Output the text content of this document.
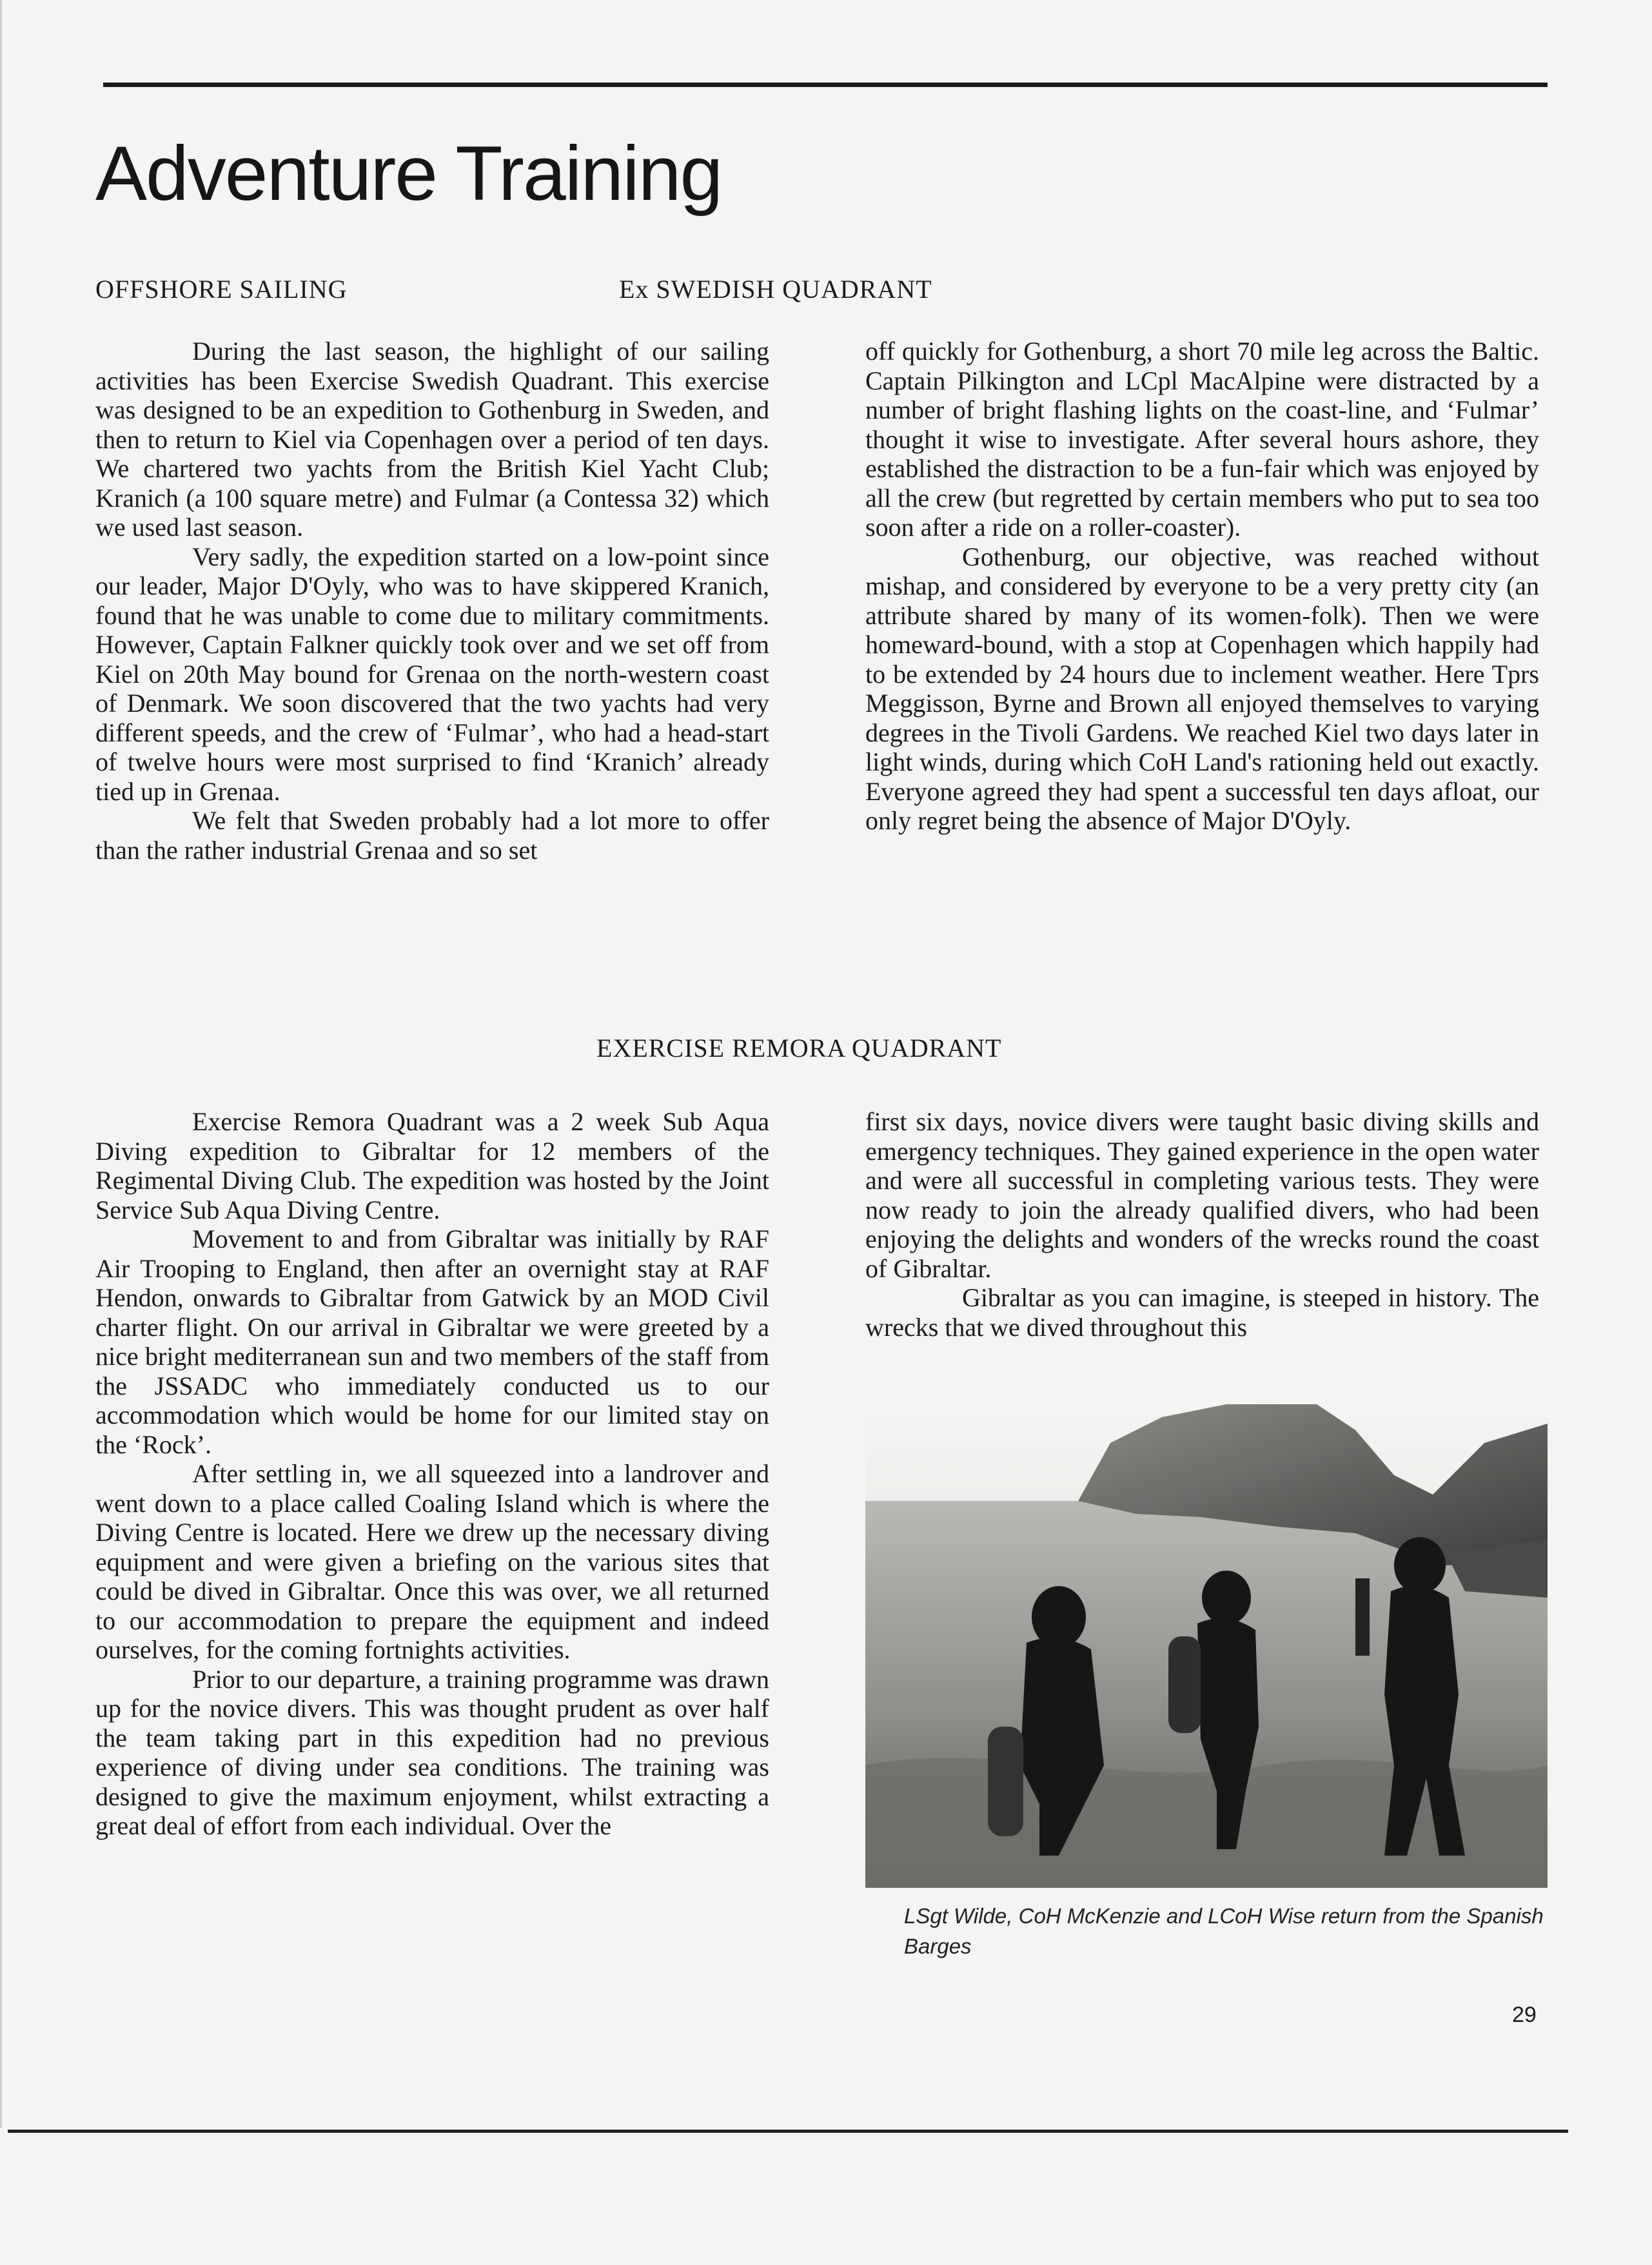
Adventure Training
OFFSHORE SAILING	Ex SWEDISH QUADRANT

During the last season, the highlight of our sailing activities has been Exercise Swedish Quadrant. This exercise was designed to be an expedition to Gothenburg in Sweden, and then to return to Kiel via Copenhagen over a period of ten days. We chartered two yachts from the British Kiel Yacht Club; Kranich (a 100 square metre) and Fulmar (a Contessa 32) which we used last season.

Very sadly, the expedition started on a low-point since our leader, Major D'Oyly, who was to have skippered Kranich, found that he was unable to come due to military commitments. However, Captain Falkner quickly took over and we set off from Kiel on 20th May bound for Grenaa on the north-western coast of Denmark. We soon discovered that the two yachts had very different speeds, and the crew of ‘Fulmar’, who had a head-start of twelve hours were most surprised to find ‘Kranich’ already tied up in Grenaa.

We felt that Sweden probably had a lot more to offer than the rather industrial Grenaa and so set

off quickly for Gothenburg, a short 70 mile leg across the Baltic. Captain Pilkington and LCpl MacAlpine were distracted by a number of bright flashing lights on the coast-line, and ‘Fulmar’ thought it wise to investigate. After several hours ashore, they established the distraction to be a fun-fair which was enjoyed by all the crew (but regretted by certain members who put to sea too soon after a ride on a roller-coaster).

Gothenburg, our objective, was reached without mishap, and considered by everyone to be a very pretty city (an attribute shared by many of its women-folk). Then we were homeward-bound, with a stop at Copenhagen which happily had to be extended by 24 hours due to inclement weather. Here Tprs Meggisson, Byrne and Brown all enjoyed themselves to varying degrees in the Tivoli Gardens. We reached Kiel two days later in light winds, during which CoH Land's rationing held out exactly. Everyone agreed they had spent a successful ten days afloat, our only regret being the absence of Major D'Oyly.

EXERCISE REMORA QUADRANT

Exercise Remora Quadrant was a 2 week Sub Aqua Diving expedition to Gibraltar for 12 members of the Regimental Diving Club. The expedition was hosted by the Joint Service Sub Aqua Diving Centre.

Movement to and from Gibraltar was initially by RAF Air Trooping to England, then after an overnight stay at RAF Hendon, onwards to Gibraltar from Gatwick by an MOD Civil charter flight. On our arrival in Gibraltar we were greeted by a nice bright mediterranean sun and two members of the staff from the JSSADC who immediately conducted us to our accommodation which would be home for our limited stay on the ‘Rock’.

After settling in, we all squeezed into a landrover and went down to a place called Coaling Island which is where the Diving Centre is located. Here we drew up the necessary diving equipment and were given a briefing on the various sites that could be dived in Gibraltar. Once this was over, we all returned to our accommodation to prepare the equipment and indeed ourselves, for the coming fortnights activities.

Prior to our departure, a training programme was drawn up for the novice divers. This was thought prudent as over half the team taking part in this expedition had no previous experience of diving under sea conditions. The training was designed to give the maximum enjoyment, whilst extracting a great deal of effort from each individual. Over the

first six days, novice divers were taught basic diving skills and emergency techniques. They gained experience in the open water and were all successful in completing various tests. They were now ready to join the already qualified divers, who had been enjoying the delights and wonders of the wrecks round the coast of Gibraltar.

Gibraltar as you can imagine, is steeped in history. The wrecks that we dived throughout this

LSgt Wilde, CoH McKenzie and LCoH Wise return from the Spanish Barges
29
